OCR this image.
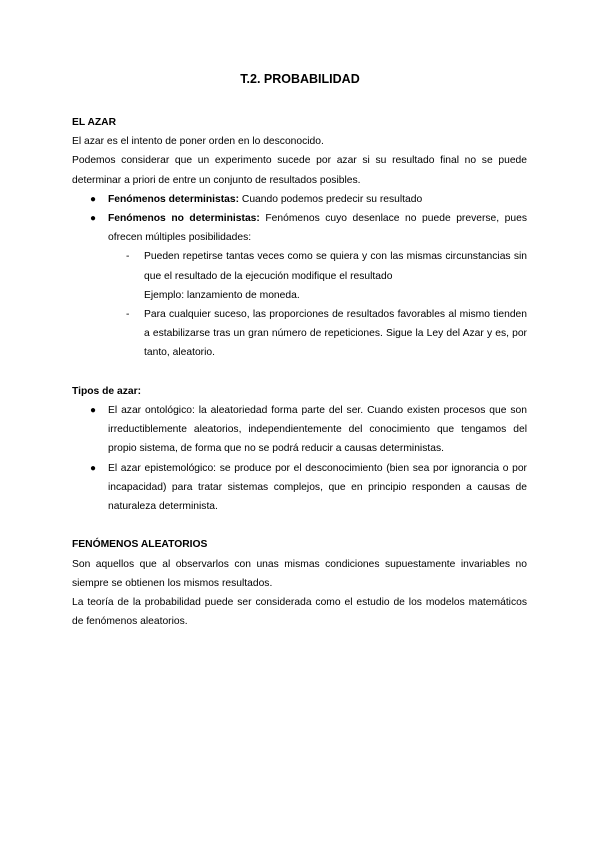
T.2. PROBABILIDAD

EL AZAR

El azar es el intento de poner orden en lo desconocido.

Podemos considerar que un experimento sucede por azar si su resultado final no se puede determinar a priori de entre un conjunto de resultados posibles.

● Fenómenos deterministas: Cuando podemos predecir su resultado
● Fenómenos no deterministas: Fenómenos cuyo desenlace no puede preverse, pues ofrecen múltiples posibilidades:
- Pueden repetirse tantas veces como se quiera y con las mismas circunstancias sin que el resultado de la ejecución modifique el resultado
Ejemplo: lanzamiento de moneda.
- Para cualquier suceso, las proporciones de resultados favorables al mismo tienden a estabilizarse tras un gran número de repeticiones. Sigue la Ley del Azar y es, por tanto, aleatorio.

Tipos de azar:

● El azar ontológico: la aleatoriedad forma parte del ser. Cuando existen procesos que son irreductiblemente aleatorios, independientemente del conocimiento que tengamos del propio sistema, de forma que no se podrá reducir a causas deterministas.
● El azar epistemológico: se produce por el desconocimiento (bien sea por ignorancia o por incapacidad) para tratar sistemas complejos, que en principio responden a causas de naturaleza determinista.

FENÓMENOS ALEATORIOS

Son aquellos que al observarlos con unas mismas condiciones supuestamente invariables no siempre se obtienen los mismos resultados.

La teoría de la probabilidad puede ser considerada como el estudio de los modelos matemáticos de fenómenos aleatorios.
